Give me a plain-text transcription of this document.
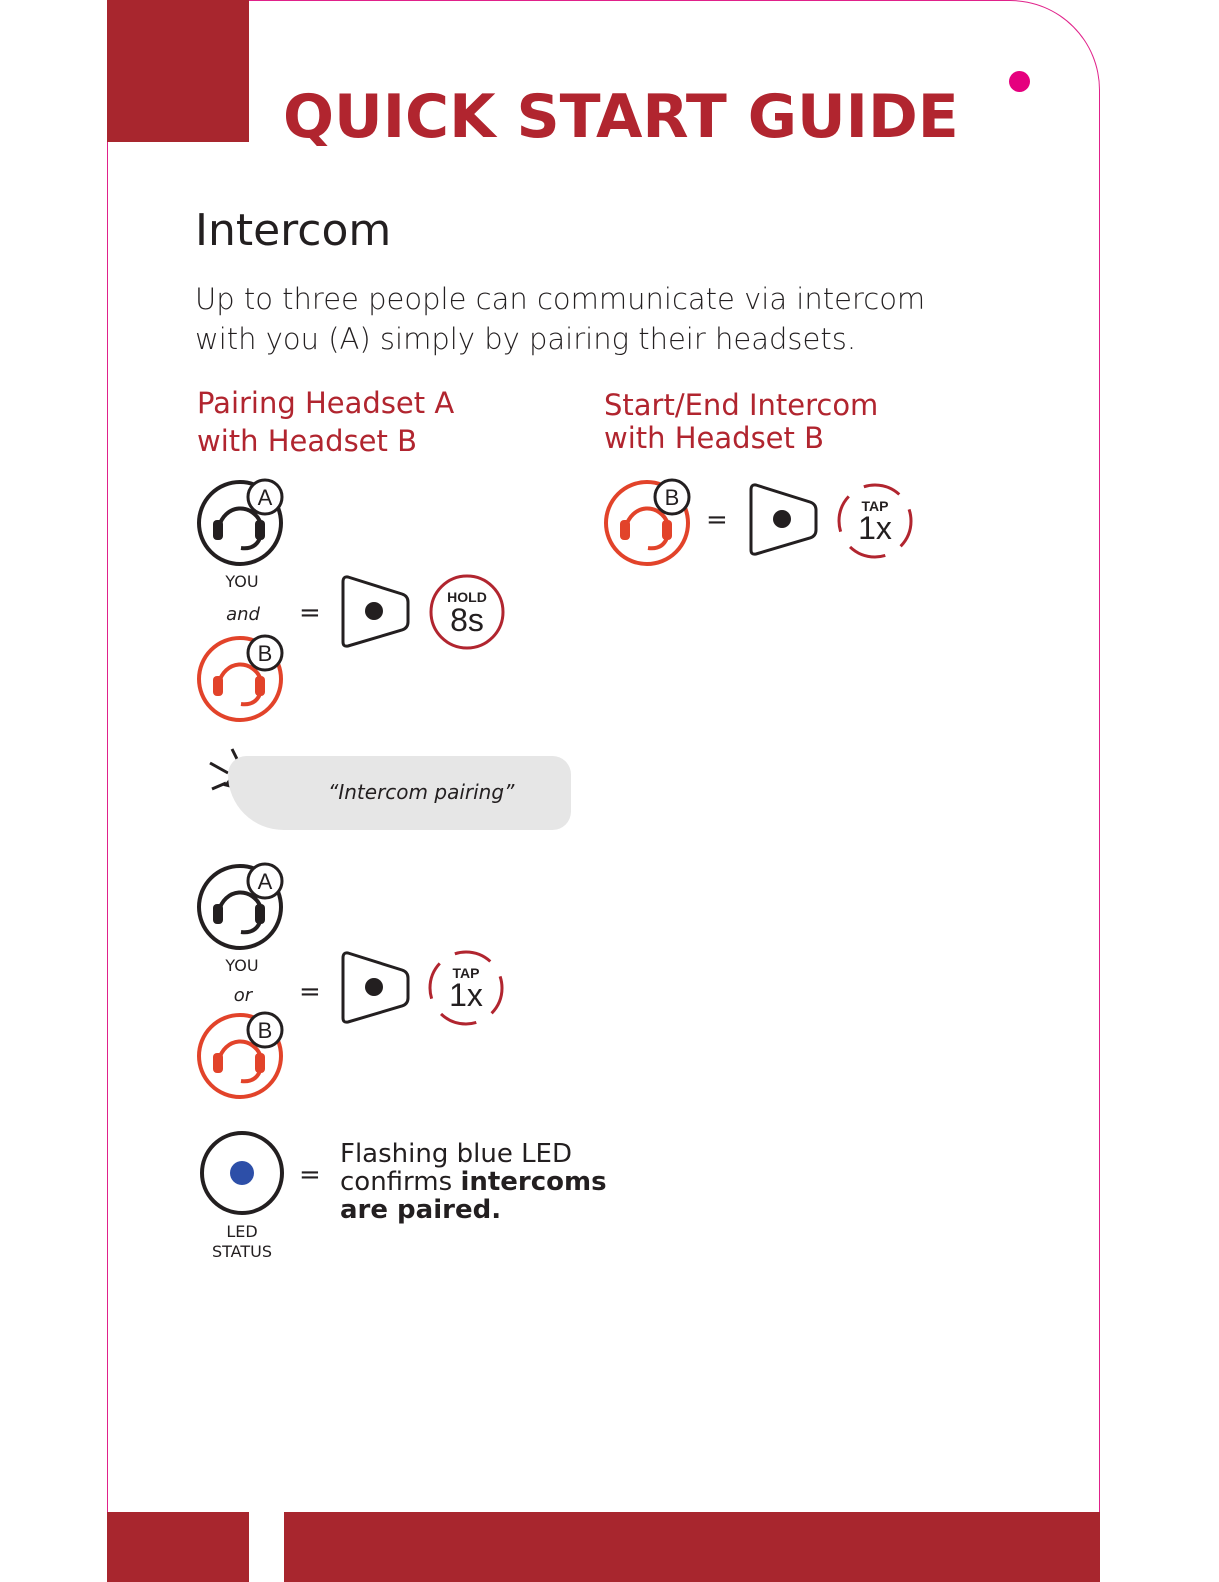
QUICK START GUIDE
Intercom
Up to three people can communicate via intercom with you (A) simply by pairing their headsets.
Pairing Headset A
with Headset B
Start/End Intercom
with Headset B
A
YOU
and
B
=
HOLD
8s
“Intercom pairing”
A
YOU
or
B
=
TAP
1x
LED
STATUS
=
Flashing blue LED
confirms intercoms
are paired.
B
=	TAP
1x
